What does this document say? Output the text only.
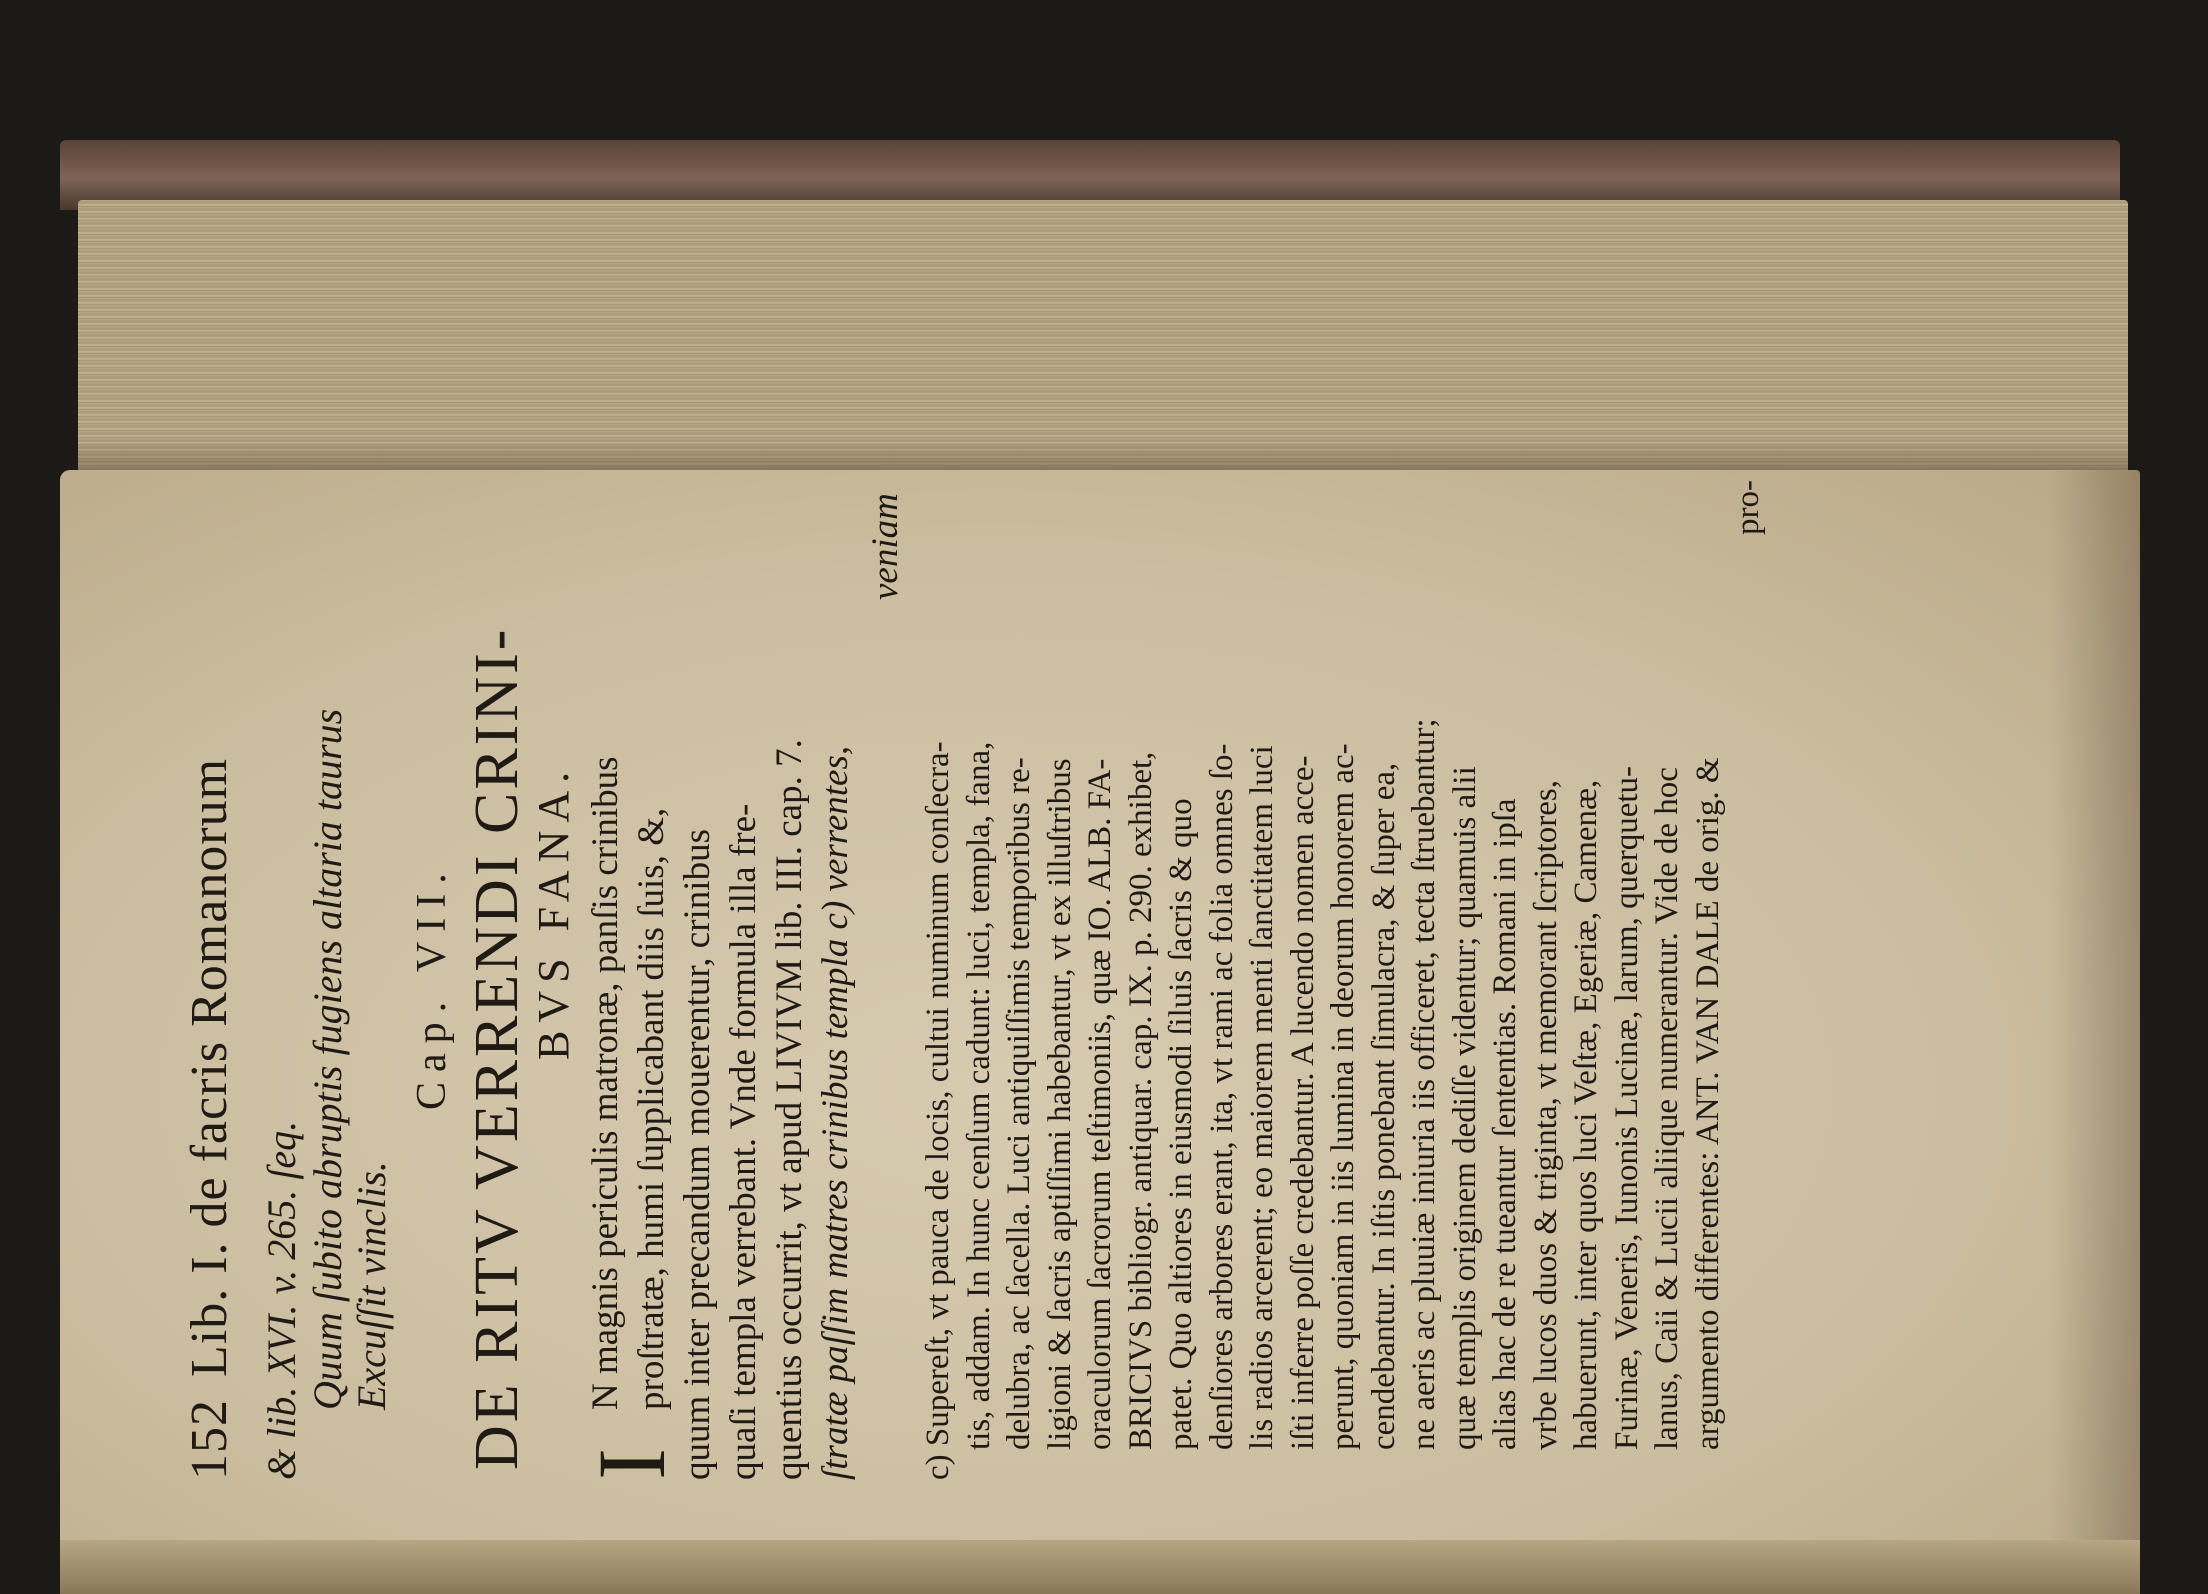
152Lib. I. de facris Romanorum & lib. XVI. v. 265. ſeq. Quum ſubito abruptis fugiens altaria taurus Excuſſit vinclis.
Cap. VII. DE RITV VERRENDI CRINI-
BVS FANA.
I
N magnis periculis matronæ, panſis crinibus proſtratæ, humi ſupplicabant diis ſuis, &, quum inter precandum mouerentur, crinibus quaſi templa verrebant. Vnde formula illa fre- quentius occurrit, vt apud LIVIVM lib. III. cap. 7. ſtratæ paſſim matres crinibus templa c) verrentes,
veniam
c) Supereſt, vt pauca de locis, cultui numinum conſecra- tis, addam. In hunc cenſum cadunt: luci, templa, fana, delubra, ac ſacella. Luci antiquiſſimis temporibus re- ligioni & ſacris aptiſſimi habebantur, vt ex illuſtribus oraculorum ſacrorum teſtimoniis, quæ IO. ALB. FA- BRICIVS bibliogr. antiquar. cap. IX. p. 290. exhibet, patet. Quo altiores in eiusmodi ſiluis ſacris & quo denſiores arbores erant, ita, vt rami ac folia omnes ſo- lis radios arcerent; eo maiorem menti ſanctitatem luci iſti inferre poſſe credebantur. A lucendo nomen acce- perunt, quoniam in iis lumina in deorum honorem ac- cendebantur. In iſtis ponebant ſimulacra, & ſuper ea, ne aeris ac pluuiæ iniuria iis officeret, tecta ſtruebantur; quæ templis originem dediſſe videntur; quamuis alii alias hac de re tueantur ſententias. Romani in ipſa vrbe lucos duos & triginta, vt memorant ſcriptores, habuerunt, inter quos luci Veſtæ, Egeriæ, Camenæ, Furinæ, Veneris, Iunonis Lucinæ, larum, querquetu- lanus, Caii & Lucii aliique numerantur. Vide de hoc argumento differentes: ANT. VAN DALE de orig. &
pro-
